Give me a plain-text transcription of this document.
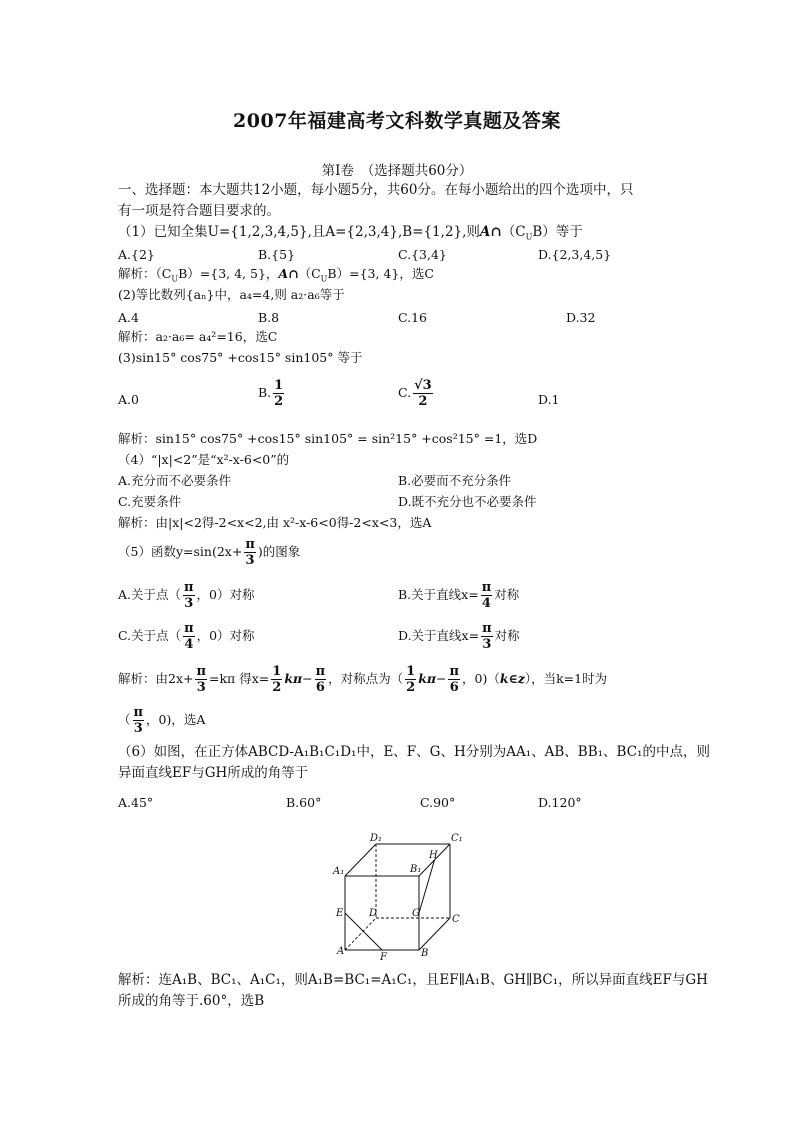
2007年福建高考文科数学真题及答案
第Ⅰ卷　（选择题共60分）
一、选择题：本大题共12小题，每小题5分，共60分。在每小题给出的四个选项中，只
有一项是符合题目要求的。
（1）已知全集U={1,2,3,4,5},且A={2,3,4},B={1,2},则$A\cap(C_UB)$等于
A.{2}	B.{5}	C.{3,4}	D.{2,3,4,5}
解析：$(C_UB)=\{3$, 4, 5}，$A\cap(C_UB)=\{3$, 4}，选C
(2)等比数列{aₙ}中，a₄=4,则 a₂·a₆等于
A.4	B.8	C.16	D.32
解析：a₂·a₆= a₄²=16，选C
(3)sin15° cos75° +cos15° sin105° 等于
A.0	B. $\frac{1}{2}$	C. $\frac{√3}{2}$	D.1
解析：sin15° cos75° +cos15° sin105° = sin²15° +cos²15° =1，选D
（4）“|x|<2”是“x²-x-6<0”的
A.充分而不必要条件	B.必要而不充分条件
C.充要条件	D.既不充分也不必要条件
解析：由|x|<2得-2<x<2,由 x²-x-6<0得-2<x<3，选A
（5）函数$y=\sin(2x+ \frac{\pi}{3}$ )的图象
A.关于点（ $\frac{\pi}{3}$ ，0）对称	B.关于直线$x= \frac{\pi}{4}$ 对称
C.关于点（ $\frac{\pi}{4}$ ，0）对称	D.关于直线$x= \frac{\pi}{3}$ 对称
解析：由$2x+ \frac{\pi}{3} =k\pi$ 得$x= \frac{1}{2} k\pi- \frac{\pi}{6}$ ，对称点为（ $\frac{1}{2} k\pi- \frac{\pi}{6}$ ，0)（k∈z），当k=1时为
（ $\frac{\pi}{3}$ ，0)，选A
（6）如图，在正方体ABCD-A₁B₁C₁D₁中，E、F、G、H分别为AA₁、AB、BB₁、BC₁的中点，则
异面直线EF与GH所成的角等于
A.45°	B.60°	C.90°	D.120°
D₁	C₁
A₁	B₁
H
E	D	G
C
A
F	B
解析：连A₁B、BC₁、A₁C₁，则A₁B=BC₁=A₁C₁，且EF∥A₁B、GH∥BC₁，所以异面直线EF与GH
所成的角等于.60°，选B
